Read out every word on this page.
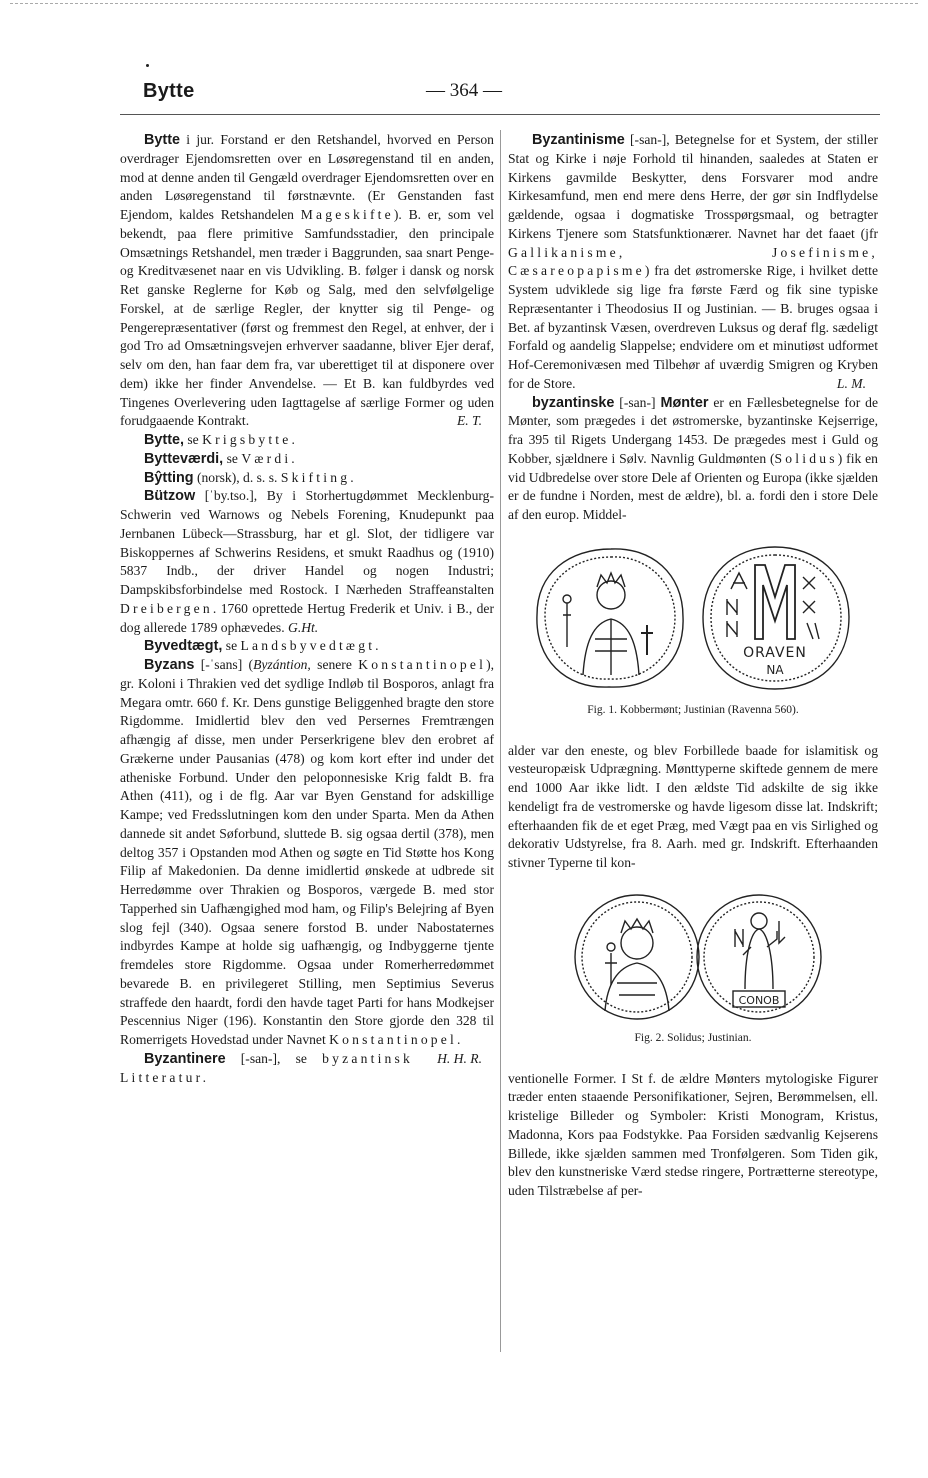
Bytte	— 364 —

Bytte i jur. Forstand er den Retshandel, hvorved en Person overdrager Ejendomsretten over en Løsøregenstand til en anden, mod at denne anden til Gengæld overdrager Ejendomsretten over en anden Løsøregenstand til førstnævnte. (Er Genstanden fast Ejendom, kaldes Retshandelen Mageskifte). B. er, som vel bekendt, paa flere primitive Samfundsstadier, den principale Omsætnings Retshandel, men træder i Baggrunden, saa snart Penge- og Kreditvæsenet naar en vis Udvikling. B. følger i dansk og norsk Ret ganske Reglerne for Køb og Salg, med den selvfølgelige Forskel, at de særlige Regler, der knytter sig til Penge- og Pengerepræsentativer (først og fremmest den Regel, at enhver, der i god Tro ad Omsætningsvejen erhverver saadanne, bliver Ejer deraf, selv om den, han faar dem fra, var uberettiget til at disponere over dem) ikke her finder Anvendelse. — Et B. kan fuldbyrdes ved Tingenes Overlevering uden Iagttagelse af særlige Former og uden forudgaaende Kontrakt.	E. T.

Bytte, se Krigsbytte.

Bytteværdi, se Værdi.

Bŷtting (norsk), d. s. s. Skifting.

Bützow [ˈby.tso.], By i Storhertugdømmet Mecklenburg-Schwerin ved Warnows og Nebels Forening, Knudepunkt paa Jernbanen Lübeck—Strassburg, har et gl. Slot, der tidligere var Biskoppernes af Schwerins Residens, et smukt Raadhus og (1910) 5837 Indb., der driver Handel og nogen Industri; Dampskibsforbindelse med Rostock. I Nærheden Straffeanstalten Dreibergen. 1760 oprettede Hertug Frederik et Univ. i B., der dog allerede 1789 ophævedes. G.Ht.

Byvedtægt, se Landsbyvedtægt.

Byzans [-ˈsans] (Byzántion, senere Konstantinopel), gr. Koloni i Thrakien ved det sydlige Indløb til Bosporos, anlagt fra Megara omtr. 660 f. Kr. Dens gunstige Beliggenhed bragte den store Rigdomme. Imidlertid blev den ved Persernes Fremtrængen afhængig af disse, men under Perserkrigene blev den erobret af Grækerne under Pausanias (478) og kom kort efter ind under det atheniske Forbund. Under den peloponnesiske Krig faldt B. fra Athen (411), og i de flg. Aar var Byen Genstand for adskillige Kampe; ved Fredsslutningen kom den under Sparta. Men da Athen dannede sit andet Søforbund, sluttede B. sig ogsaa dertil (378), men deltog 357 i Opstanden mod Athen og søgte en Tid Støtte hos Kong Filip af Makedonien. Da denne imidlertid ønskede at udbrede sit Herredømme over Thrakien og Bosporos, værgede B. med stor Tapperhed sin Uafhængighed mod ham, og Filip's Belejring af Byen slog fejl (340). Ogsaa senere forstod B. under Nabostaternes indbyrdes Kampe at holde sig uafhængig, og Indbyggerne tjente fremdeles store Rigdomme. Ogsaa under Romerherredømmet bevarede B. en privilegeret Stilling, men Septimius Severus straffede den haardt, fordi den havde taget Parti for hans Modkejser Pescennius Niger (196). Konstantin den Store gjorde den 328 til Romerrigets Hovedstad under Navnet Konstantinopel.
H. H. R.

Byzantinere [-san-], se byzantinsk Litteratur.

Byzantinisme [-san-], Betegnelse for et System, der stiller Stat og Kirke i nøje Forhold til hinanden, saaledes at Staten er Kirkens gavmilde Beskytter, dens Forsvarer mod andre Kirkesamfund, men end mere dens Herre, der gør sin Indflydelse gældende, ogsaa i dogmatiske Trosspørgsmaal, og betragter Kirkens Tjenere som Statsfunktionærer. Navnet har det faaet (jfr Gallikanisme, Josefinisme, Cæsareopapisme) fra det østromerske Rige, i hvilket dette System udviklede sig lige fra første Færd og fik sine typiske Repræsentanter i Theodosius II og Justinian. — B. bruges ogsaa i Bet. af byzantinsk Væsen, overdreven Luksus og deraf flg. sædeligt Forfald og aandelig Slappelse; endvidere om et minutiøst udformet Hof-Ceremonivæsen med Tilbehør af uværdig Smigren og Kryben for de Store.	L. M.

byzantinske [-san-] Mønter er en Fællesbetegnelse for de Mønter, som prægedes i det østromerske, byzantinske Kejserrige, fra 395 til Rigets Undergang 1453. De prægedes mest i Guld og Kobber, sjældnere i Sølv. Navnlig Guldmønten (Solidus) fik en vid Udbredelse over store Dele af Orienten og Europa (ikke sjælden er de fundne i Norden, mest de ældre), bl. a. fordi den i store Dele af den europ. Middel-

ORAVEN
NA
Fig. 1. Kobbermønt; Justinian (Ravenna 560).

alder var den eneste, og blev Forbillede baade for islamitisk og vesteuropæisk Udprægning. Mønttyperne skiftede gennem de mere end 1000 Aar ikke lidt. I den ældste Tid adskilte de sig ikke kendeligt fra de vestromerske og havde ligesom disse lat. Indskrift; efterhaanden fik de et eget Præg, med Vægt paa en vis Sirlighed og dekorativ Udstyrelse, fra 8. Aarh. med gr. Indskrift. Efterhaanden stivner Typerne til kon-

CONOB
Fig. 2. Solidus; Justinian.

ventionelle Former. I St f. de ældre Mønters mytologiske Figurer træder enten staaende Personifikationer, Sejren, Berømmelsen, ell. kristelige Billeder og Symboler: Kristi Monogram, Kristus, Madonna, Kors paa Fodstykke. Paa Forsiden sædvanlig Kejserens Billede, ikke sjælden sammen med Tronfølgeren. Som Tiden gik, blev den kunstneriske Værd stedse ringere, Portrætterne stereotype, uden Tilstræbelse af per-
